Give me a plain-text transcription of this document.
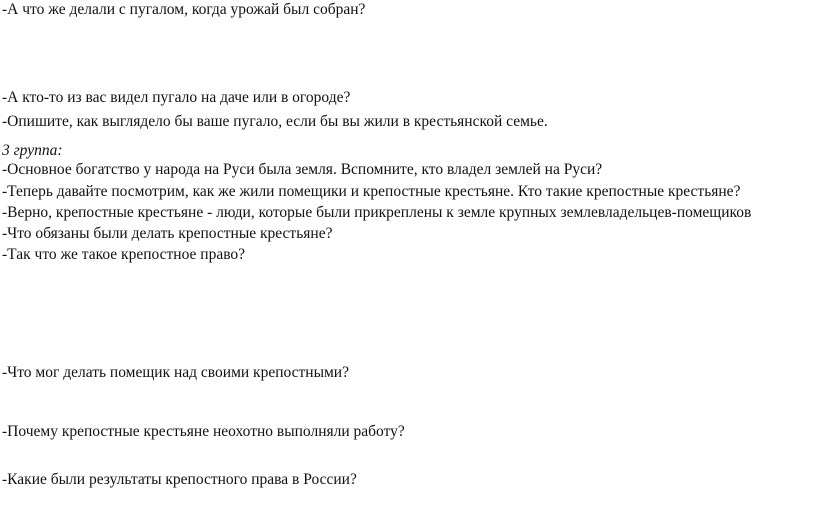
-А что же делали с пугалом, когда урожай был собран?
-А кто-то из вас видел пугало на даче или в огороде?
-Опишите, как выглядело бы ваше пугало, если бы вы жили в крестьянской семье.
3 группа:
-Основное богатство у народа на Руси была земля. Вспомните, кто владел землей на Руси?
-Теперь давайте посмотрим, как же жили помещики и крепостные крестьяне. Кто такие крепостные крестьяне?
-Верно, крепостные крестьяне - люди, которые были прикреплены к земле крупных землевладельцев-помещиков
-Что обязаны были делать крепостные крестьяне?
-Так что же такое крепостное право?
-Что мог делать помещик над своими крепостными?
-Почему крепостные крестьяне неохотно выполняли работу?
-Какие были результаты крепостного права в России?
